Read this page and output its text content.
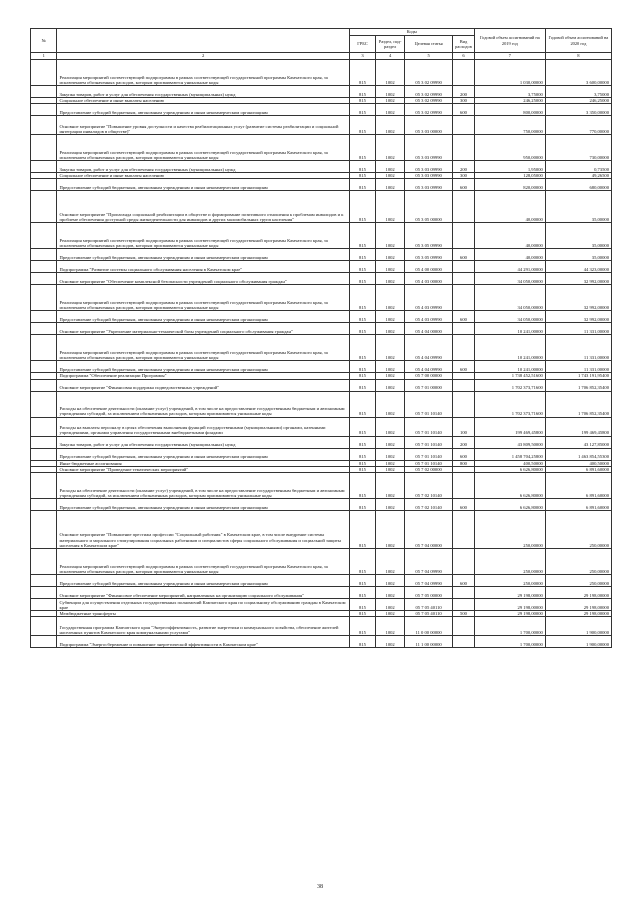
№		Коды				Годовой объем ассигнований на 2019 год	Годовой объем ассигнований на 2020 год
		ГРБС	Раздел, под-раздел	Целевая статья	Вид расходов		
1	2	3	4	5	6	7	8
	Реализация мероприятий соответствующей подпрограммы в рамках соответствующей государственной программы Камчатского края, за исключением обозначенных расходов, которым присваиваются уникальные коды	815	1002	05 3 02 09990		1 030,00000	3 600,00000
	Закупка товаров, работ и услуг для обеспечения государственных (муниципальных) нужд	815	1002	05 3 02 09990	200	3,75000	3,75000
	Социальное обеспечение и иные выплаты населению	815	1002	05 3 02 09990	300	246,25000	246,25000
	Предоставление субсидий бюджетным, автономным учреждениям и иным некоммерческим организациям	815	1002	05 3 02 09990	600	800,00000	3 350,00000
	Основное мероприятие "Повышение уровня доступности и качества реабилитационных услуг (развитие системы реабилитации и социальной интеграции инвалидов в обществе)"	815	1002	05 3 03 00000		750,00000	770,00000
	Реализация мероприятий соответствующей подпрограммы в рамках соответствующей государственной программы Камчатского края, за исключением обозначенных расходов, которым присваиваются уникальные коды	815	1002	05 3 03 09990		950,00000	730,00000
	Закупка товаров, работ и услуг для обеспечения государственных (муниципальных) нужд	815	1002	05 3 03 09990	200	1,95000	0,73500
	Социальное обеспечение и иные выплаты населению	815	1002	05 3 03 09990	300	128,05000	49,26500
	Предоставление субсидий бюджетным, автономным учреждениям и иным некоммерческим организациям	815	1002	05 3 03 09990	600	820,00000	680,00000
	Основное мероприятие "Пропаганда социальной реабилитации в обществе и формирование позитивного отношения к проблемам инвалидов и к проблеме обеспечения доступной среды жизнедеятельности для инвалидов и других маломобильных групп населения"	815	1002	05 3 05 00000		40,00000	35,00000
	Реализация мероприятий соответствующей подпрограммы в рамках соответствующей государственной программы Камчатского края, за исключением обозначенных расходов, которым присваиваются уникальные коды	815	1002	05 3 05 09990		40,00000	35,00000
	Предоставление субсидий бюджетным, автономным учреждениям и иным некоммерческим организациям	815	1002	05 3 05 09990	600	40,00000	35,00000
	Подпрограмма "Развитие системы социального обслуживания населения в Камчатском крае"	815	1002	05 4 00 00000		44 291,00000	44 323,00000
	Основное мероприятие "Обеспечение комплексной безопасности учреждений социального обслуживания граждан"	815	1002	05 4 03 00000		34 050,00000	32 992,00000
	Реализация мероприятий соответствующей подпрограммы в рамках соответствующей государственной программы Камчатского края, за исключением обозначенных расходов, которым присваиваются уникальные коды	815	1002	05 4 03 09990		34 050,00000	32 992,00000
	Предоставление субсидий бюджетным, автономным учреждениям и иным некоммерческим организациям	815	1002	05 4 03 09990	600	34 050,00000	32 992,00000
	Основное мероприятие "Укрепление материально-технической базы учреждений социального обслуживания граждан"	815	1002	05 4 04 00000		10 241,00000	11 331,00000
	Реализация мероприятий соответствующей подпрограммы в рамках соответствующей государственной программы Камчатского края, за исключением обозначенных расходов, которым присваиваются уникальные коды	815	1002	05 4 04 09990		10 241,00000	11 331,00000
	Предоставление субсидий бюджетным, автономным учреждениям и иным некоммерческим организациям	815	1002	05 4 04 09990	600	10 241,00000	11 331,00000
	Подпрограмма "Обеспечение реализации Программы"	815	1002	05 7 00 00000		1 738 452,51600	1 743 191,95400
	Основное мероприятие "Финансовая поддержка подведомственных учреждений"	815	1002	05 7 01 00000		1 702 373,71600	1 706 852,35400
	Расходы на обеспечение деятельности (оказание услуг) учреждений, в том числе на предоставление государственным бюджетным и автономным учреждениям субсидий, за исключением обозначенных расходов, которым присваиваются уникальные коды	815	1002	05 7 01 10140		1 702 373,71600	1 706 852,35400
	Расходы на выплаты персоналу в целях обеспечения выполнения функций государственными (муниципальными) органами, казенными учреждениями, органами управления государственными внебюджетными фондами	815	1002	05 7 01 10140	100	199 469,45800	199 469,45800
	Закупка товаров, работ и услуг для обеспечения государственных (муниципальных) нужд	815	1002	05 7 01 10140	200	43 809,50000	43 127,85000
	Предоставление субсидий бюджетным, автономным учреждениям и иным некоммерческим организациям	815	1002	05 7 01 10140	600	1 458 704,25800	1 463 854,55300
	Иные бюджетные ассигнования	815	1002	05 7 01 10140	800	400,50000	400,50000
	Основное мероприятие "Проведение тематических мероприятий"	815	1002	05 7 02 00000		6 626,80000	6 891,60000
	Расходы на обеспечение деятельности (оказание услуг) учреждений, в том числе на предоставление государственным бюджетным и автономным учреждениям субсидий, за исключением обозначенных расходов, которым присваиваются уникальные коды	815	1002	05 7 02 10140		6 626,80000	6 891,60000
	Предоставление субсидий бюджетным, автономным учреждениям и иным некоммерческим организациям	815	1002	05 7 02 10140	600	6 626,80000	6 891,60000
	Основное мероприятие "Повышение престижа профессии "Социальный работник" в Камчатском крае, в том числе внедрение системы материального и морального стимулирования социальных работников и специалистов сферы социального обслуживания и социальной защиты населения в Камчатском крае"	815	1002	05 7 04 00000		250,00000	250,00000
	Реализация мероприятий соответствующей подпрограммы в рамках соответствующей государственной программы Камчатского края, за исключением обозначенных расходов, которым присваиваются уникальные коды	815	1002	05 7 04 09990		250,00000	250,00000
	Предоставление субсидий бюджетным, автономным учреждениям и иным некоммерческим организациям	815	1002	05 7 04 09990	600	250,00000	250,00000
	Основное мероприятие "Финансовое обеспечение мероприятий, направленных на организацию социального обслуживания"	815	1002	05 7 05 00000		29 198,00000	29 198,00000
	Субвенции для осуществления отдельных государственных полномочий Камчатского края по социальному обслуживанию граждан в Камчатском крае	815	1002	05 7 05 40110		29 198,00000	29 198,00000
	Межбюджетные трансферты	815	1002	05 7 05 40110	500	29 198,00000	29 198,00000
	Государственная программа Камчатского края "Энергоэффективность, развитие энергетики и коммунального хозяйства, обеспечение жителей населенных пунктов Камчатского края коммунальными услугами"	815	1002	11 0 00 00000		1 700,00000	1 900,00000
	Подпрограмма "Энергосбережение и повышение энергетической эффективности в Камчатском крае"	815	1002	11 1 00 00000		1 700,00000	1 900,00000
38
